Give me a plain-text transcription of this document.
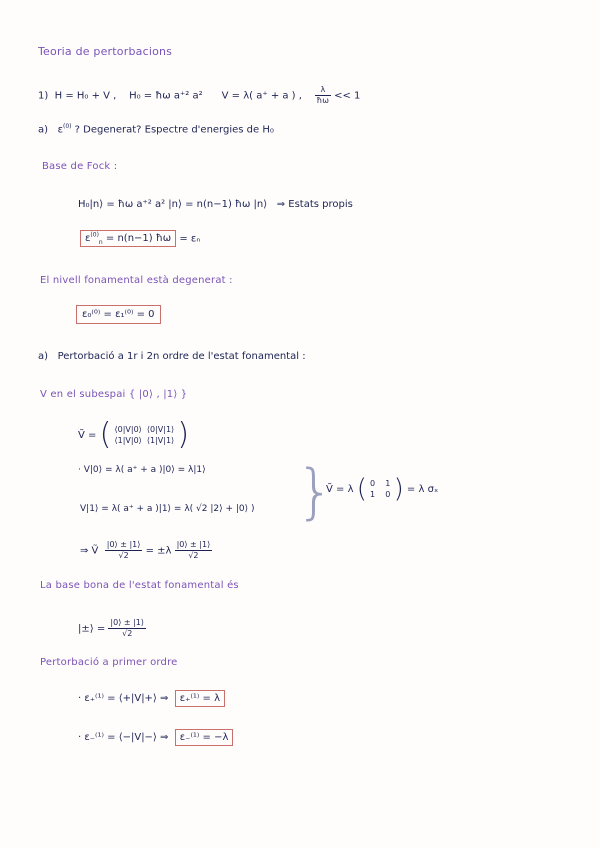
Teoria de pertorbacions
1) H = H₀ + V ,    H₀ = ħω a⁺² a² V = λ( a⁺ + a ) , $\frac{\lambda}{ħ\omega} << 1$
a) $\varepsilon^{(0)}$ ? Degenerat? Espectre d'energies de H₀
Base de Fock :
H₀|n⟩ = ħω a⁺² a² |n⟩ = n(n−1) ħω |n⟩ ⇒ Estats propis
$\varepsilon^{(0)}_n = n(n-1)$ ħω = εₙ
El nivell fonamental està degenerat :
ε₀⁽⁰⁾ = ε₁⁽⁰⁾ = 0
a) Pertorbació a 1r i 2n ordre de l'estat fonamental :
V en el subespai { |0⟩ , |1⟩ }
Ṽ = ( ⟨0|V|0⟩ ⟨0|V|1⟩
⟨1|V|0⟩ ⟨1|V|1⟩ )
· V|0⟩ = λ( a⁺ + a )|0⟩ = λ|1⟩
V|1⟩ = λ( a⁺ + a )|1⟩ = λ( √2 |2⟩ + |0⟩ ) }
Ṽ = λ ( 0 1
1 0 ) = λ σₓ
⇒ Ṽ $\frac{|0⟩ \pm |1⟩}{√2} = \pm\lambda \frac{|0⟩ \pm |1⟩}{√2}$
La base bona de l'estat fonamental és
|±⟩ = $\frac{|0⟩ \pm |1⟩}{√2}$
Pertorbació a primer ordre
· ε₊⁽¹⁾ = ⟨+|V|+⟩ ⇒ ε₊⁽¹⁾ = λ
· ε₋⁽¹⁾ = ⟨−|V|−⟩ ⇒ ε₋⁽¹⁾ = −λ
